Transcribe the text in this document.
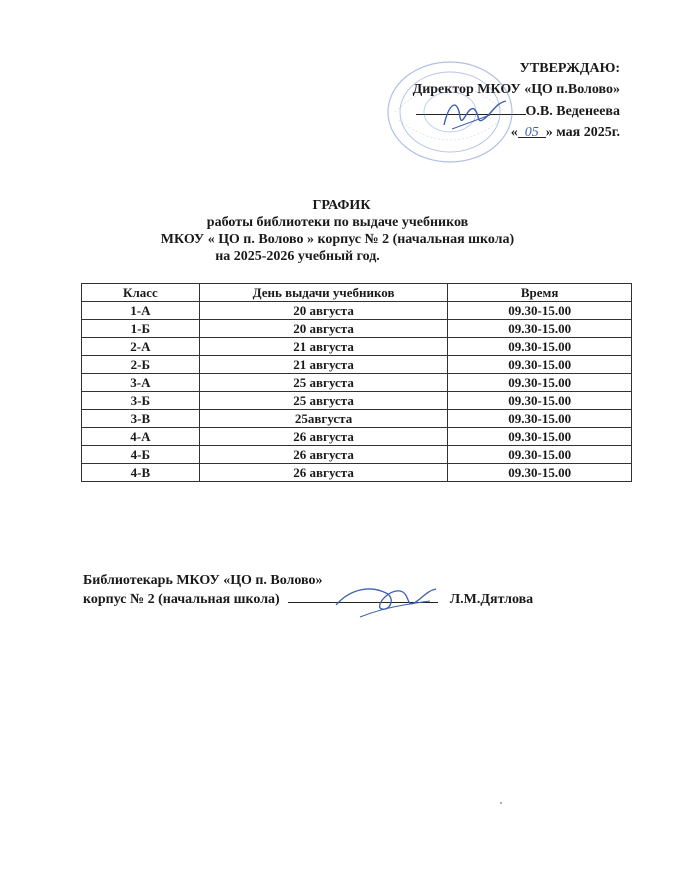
УТВЕРЖДАЮ:
Директор МКОУ «ЦО п.Волово»
О.В. Веденеева
« 05 » мая 2025г.
ГРАФИК
работы библиотеки по выдаче учебников
МКОУ « ЦО п. Волово » корпус № 2 (начальная школа)
на 2025-2026 учебный год.
Класс	День выдачи учебников	Время
1-А	20 августа	09.30-15.00
1-Б	20 августа	09.30-15.00
2-А	21 августа	09.30-15.00
2-Б	21 августа	09.30-15.00
3-А	25 августа	09.30-15.00
3-Б	25 августа	09.30-15.00
3-В	25августа	09.30-15.00
4-А	26 августа	09.30-15.00
4-Б	26 августа	09.30-15.00
4-В	26 августа	09.30-15.00
Библиотекарь МКОУ «ЦО п. Волово»
корпус № 2 (начальная школа)	Л.М.Дятлова
